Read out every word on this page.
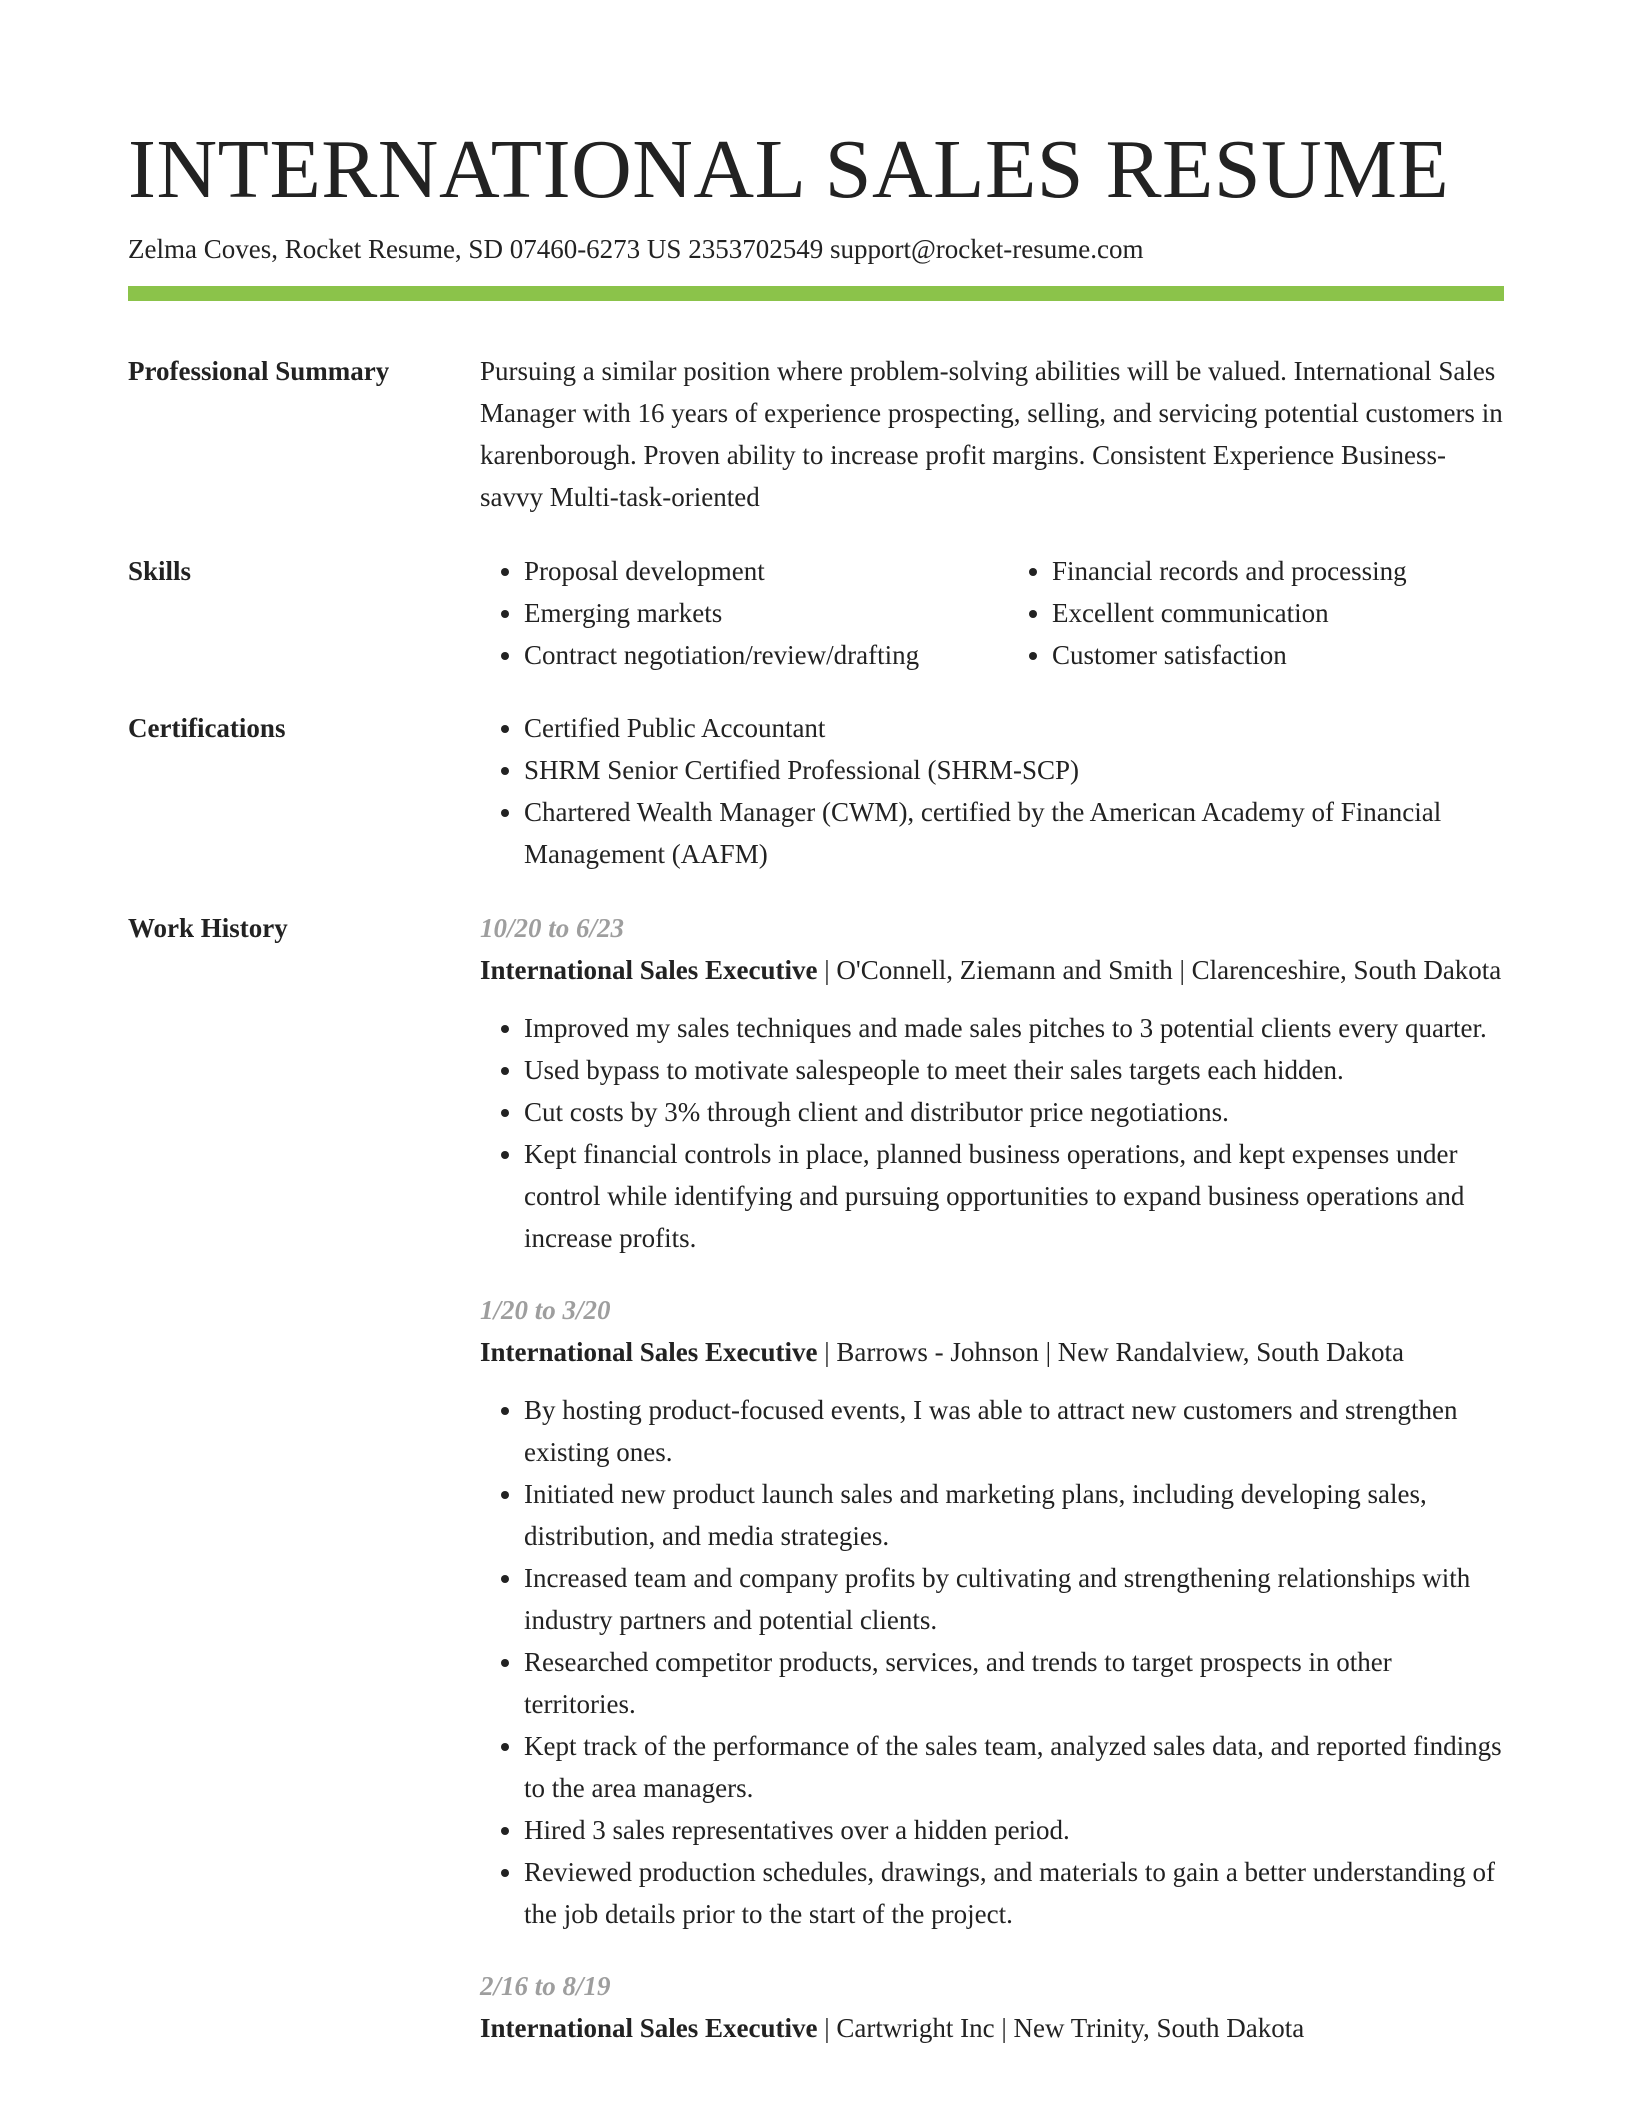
INTERNATIONAL SALES RESUME
Zelma Coves, Rocket Resume, SD 07460-6273 US 2353702549 support@rocket-resume.com
Professional Summary	Pursuing a similar position where problem-solving abilities will be valued. International Sales Manager with 16 years of experience prospecting, selling, and servicing potential customers in karenborough. Proven ability to increase profit margins. Consistent Experience Business-savvy Multi-task-oriented

Skills	• Proposal development
• Emerging markets
• Contract negotiation/review/drafting
• Financial records and processing
• Excellent communication
• Customer satisfaction
Certifications	• Certified Public Accountant
• SHRM Senior Certified Professional (SHRM-SCP)
• Chartered Wealth Manager (CWM), certified by the American Academy of Financial Management (AAFM)
Work History	10/20 to 6/23
International Sales Executive | O'Connell, Ziemann and Smith | Clarenceshire, South Dakota
• Improved my sales techniques and made sales pitches to 3 potential clients every quarter.
• Used bypass to motivate salespeople to meet their sales targets each hidden.
• Cut costs by 3% through client and distributor price negotiations.
• Kept financial controls in place, planned business operations, and kept expenses under control while identifying and pursuing opportunities to expand business operations and increase profits.
1/20 to 3/20
International Sales Executive | Barrows - Johnson | New Randalview, South Dakota
• By hosting product-focused events, I was able to attract new customers and strengthen existing ones.
• Initiated new product launch sales and marketing plans, including developing sales, distribution, and media strategies.
• Increased team and company profits by cultivating and strengthening relationships with industry partners and potential clients.
• Researched competitor products, services, and trends to target prospects in other territories.
• Kept track of the performance of the sales team, analyzed sales data, and reported findings to the area managers.
• Hired 3 sales representatives over a hidden period.
• Reviewed production schedules, drawings, and materials to gain a better understanding of the job details prior to the start of the project.
2/16 to 8/19
International Sales Executive | Cartwright Inc | New Trinity, South Dakota
